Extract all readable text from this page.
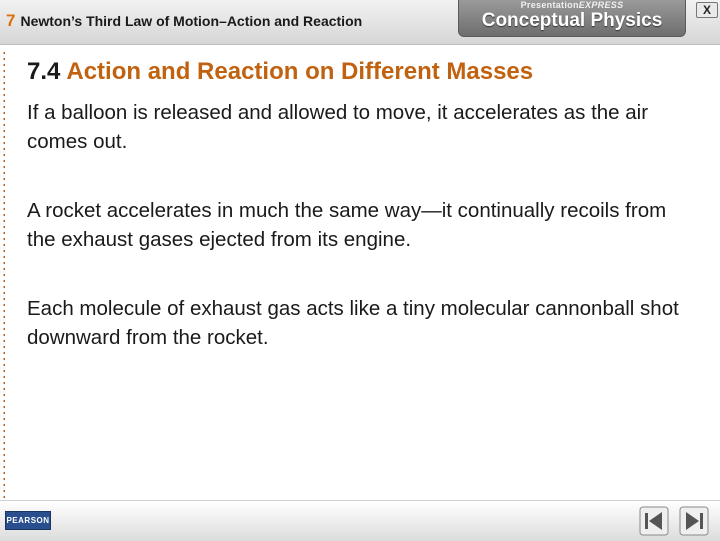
7 Newton’s Third Law of Motion–Action and Reaction
PresentationEXPRESS
Conceptual Physics	X
7.4 Action and Reaction on Different Masses
If a balloon is released and allowed to move, it accelerates as the air comes out.
A rocket accelerates in much the same way—it continually recoils from the exhaust gases ejected from its engine.
Each molecule of exhaust gas acts like a tiny molecular cannonball shot downward from the rocket.
PEARSON
